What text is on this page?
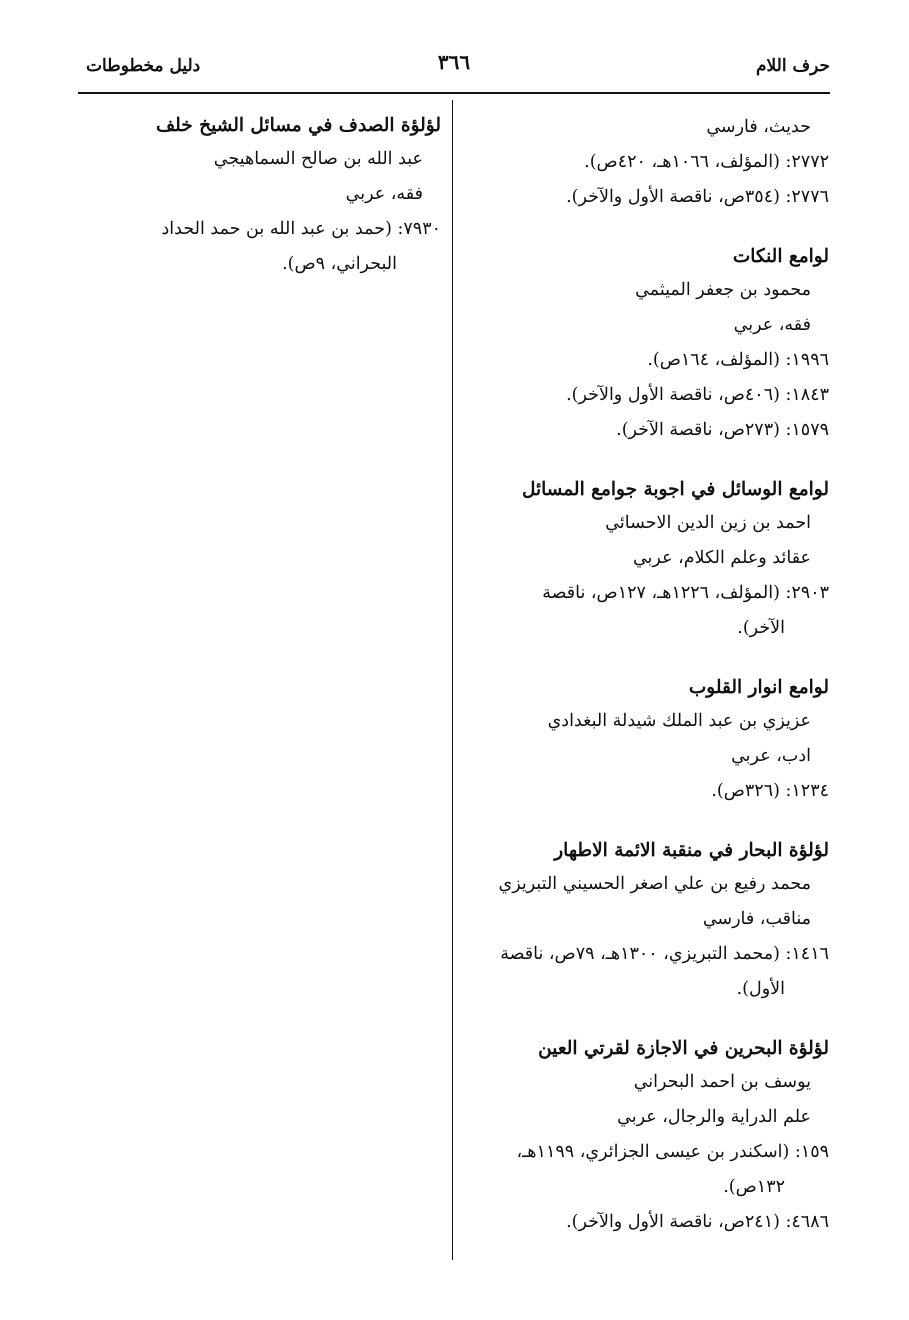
حرف اللام
٣٦٦
دليل مخطوطات
حديث، فارسي
٢٧٧٢: (المؤلف، ١٠٦٦هـ، ٤٢٠ص).
٢٧٧٦: (٣٥٤ص، ناقصة الأول والآخر).
لوامع النكات
محمود بن جعفر الميثمي
فقه، عربي
١٩٩٦: (المؤلف، ١٦٤ص).
١٨٤٣: (٤٠٦ص، ناقصة الأول والآخر).
١٥٧٩: (٢٧٣ص، ناقصة الآخر).
لوامع الوسائل في اجوبة جوامع المسائل
احمد بن زين الدين الاحسائي
عقائد وعلم الكلام، عربي
٢٩٠٣: (المؤلف، ١٢٢٦هـ، ١٢٧ص، ناقصة
الآخر).
لوامع انوار القلوب
عزيزي بن عبد الملك شيدلة البغدادي
ادب، عربي
١٢٣٤: (٣٢٦ص).
لؤلؤة البحار في منقبة الائمة الاطهار
محمد رفيع بن علي اصغر الحسيني التبريزي
مناقب، فارسي
١٤١٦: (محمد التبريزي، ١٣٠٠هـ، ٧٩ص، ناقصة
الأول).
لؤلؤة البحرين في الاجازة لقرتي العين
يوسف بن احمد البحراني
علم الدراية والرجال، عربي
١٥٩: (اسكندر بن عيسى الجزائري، ١١٩٩هـ،
١٣٢ص).
٤٦٨٦: (٢٤١ص، ناقصة الأول والآخر).
لؤلؤة الصدف في مسائل الشيخ خلف
عبد الله بن صالح السماهيجي
فقه، عربي
٧٩٣٠: (حمد بن عبد الله بن حمد الحداد
البحراني، ٩ص).
